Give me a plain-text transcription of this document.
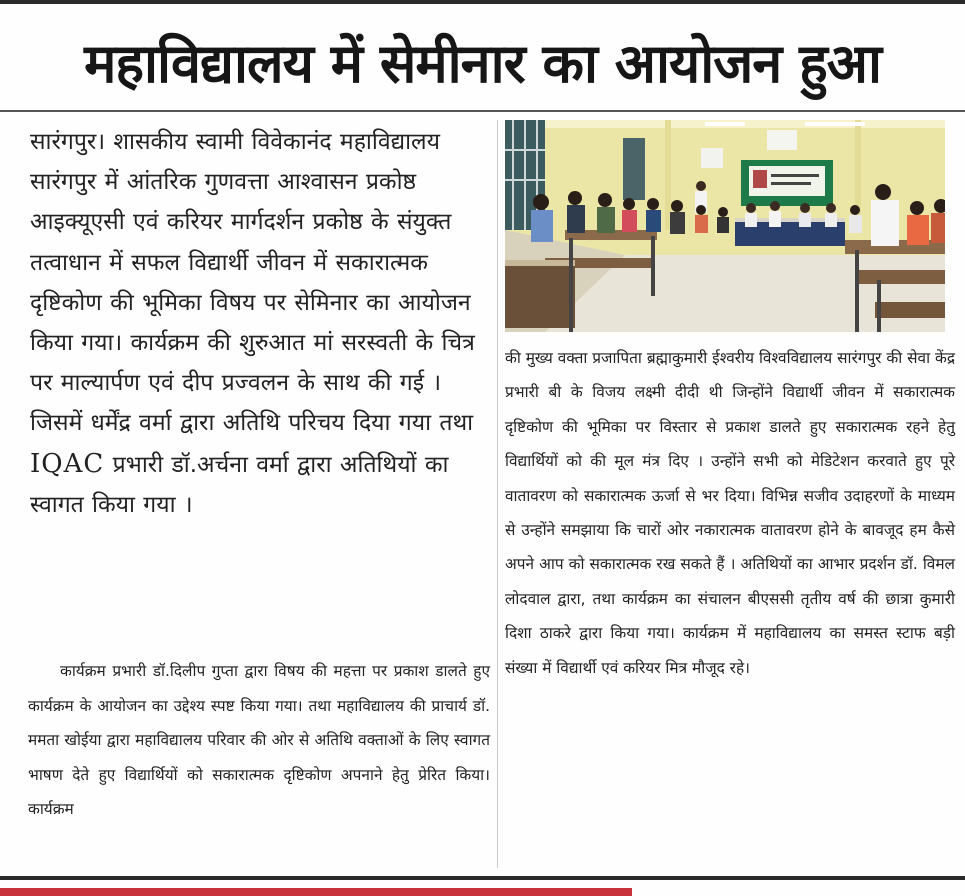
महाविद्यालय में सेमीनार का आयोजन हुआ

सारंगपुर। शासकीय स्वामी विवेकानंद महाविद्यालय सारंगपुर में आंतरिक गुणवत्ता आश्वासन प्रकोष्ठ आइक्यूएसी एवं करियर मार्गदर्शन प्रकोष्ठ के संयुक्त तत्वाधान में सफल विद्यार्थी जीवन में सकारात्मक दृष्टिकोण की भूमिका विषय पर सेमिनार का आयोजन किया गया। कार्यक्रम की शुरुआत मां सरस्वती के चित्र पर माल्यार्पण एवं दीप प्रज्वलन के साथ की गई । जिसमें धर्मेंद्र वर्मा द्वारा अतिथि परिचय दिया गया तथा IQAC प्रभारी डॉ.अर्चना वर्मा द्वारा अतिथियों का स्वागत किया गया ।

कार्यक्रम प्रभारी डॉ.दिलीप गुप्ता द्वारा विषय की महत्ता पर प्रकाश डालते हुए कार्यक्रम के आयोजन का उद्देश्य स्पष्ट किया गया। तथा महाविद्यालय की प्राचार्य डॉ. ममता खोईया द्वारा महाविद्यालय परिवार की ओर से अतिथि वक्ताओं के लिए स्वागत भाषण देते हुए विद्यार्थियों को सकारात्मक दृष्टिकोण अपनाने हेतु प्रेरित किया। कार्यक्रम

की मुख्य वक्ता प्रजापिता ब्रह्माकुमारी ईश्वरीय विश्वविद्यालय सारंगपुर की सेवा केंद्र प्रभारी बी के विजय लक्ष्मी दीदी थी जिन्होंने विद्यार्थी जीवन में सकारात्मक दृष्टिकोण की भूमिका पर विस्तार से प्रकाश डालते हुए सकारात्मक रहने हेतु विद्यार्थियों को की मूल मंत्र दिए । उन्होंने सभी को मेडिटेशन करवाते हुए पूरे वातावरण को सकारात्मक ऊर्जा से भर दिया। विभिन्न सजीव उदाहरणों के माध्यम से उन्होंने समझाया कि चारों ओर नकारात्मक वातावरण होने के बावजूद हम कैसे अपने आप को सकारात्मक रख सकते हैं । अतिथियों का आभार प्रदर्शन डॉ. विमल लोदवाल द्वारा, तथा कार्यक्रम का संचालन बीएससी तृतीय वर्ष की छात्रा कुमारी दिशा ठाकरे द्वारा किया गया। कार्यक्रम में महाविद्यालय का समस्त स्टाफ बड़ी संख्या में विद्यार्थी एवं करियर मित्र मौजूद रहे।
